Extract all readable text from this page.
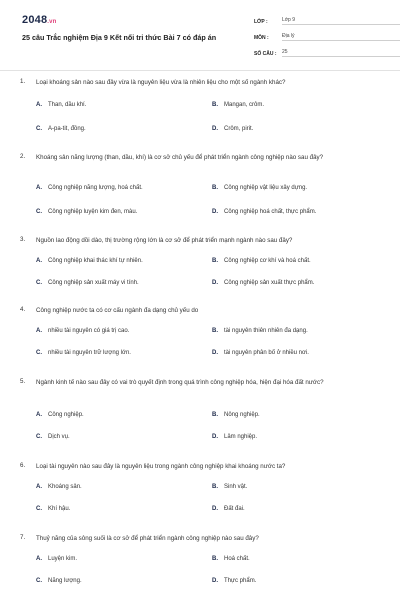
2048.vn
25 câu Trắc nghiệm Địa 9 Kết nối tri thức Bài 7 có đáp án
LỚP :	Lớp 9
MÔN :	Địa lý
SỐ CÂU :	25
1. Loại khoáng sản nào sau đây vừa là nguyên liệu vừa là nhiên liệu cho một số ngành khác?
A. Than, dầu khí.	B. Mangan, crôm.
C. A-pa-tit, đồng.	D. Crôm, pirit.
2. Khoáng sản năng lượng (than, dầu, khí) là cơ sở chủ yếu để phát triển ngành công nghiệp nào sau đây?
A. Công nghiệp năng lượng, hoá chất.	B. Công nghiệp vật liệu xây dựng.
C. Công nghiệp luyện kim đen, màu.	D. Công nghiệp hoá chất, thực phẩm.
3. Nguồn lao động dồi dào, thị trường rộng lớn là cơ sở để phát triển mạnh ngành nào sau đây?
A. Công nghiệp khai thác khí tự nhiên.	B. Công nghiệp cơ khí và hoá chất.
C. Công nghiệp sản xuất máy vi tính.	D. Công nghiệp sản xuất thực phẩm.
4. Công nghiệp nước ta có cơ cấu ngành đa dạng chủ yếu do
A. nhiều tài nguyên có giá trị cao.	B. tài nguyên thiên nhiên đa dạng.
C. nhiều tài nguyên trữ lượng lớn.	D. tài nguyên phân bố ở nhiều nơi.
5. Ngành kinh tế nào sau đây có vai trò quyết định trong quá trình công nghiệp hóa, hiện đại hóa đất nước?
A. Công nghiệp.	B. Nông nghiệp.
C. Dịch vụ.	D. Lâm nghiệp.
6. Loại tài nguyên nào sau đây là nguyên liệu trong ngành công nghiệp khai khoáng nước ta?
A. Khoáng sản.	B. Sinh vật.
C. Khí hậu.	D. Đất đai.
7. Thuỷ năng của sông suối là cơ sở để phát triển ngành công nghiệp nào sau đây?
A. Luyện kim.	B. Hoá chất.
C. Năng lượng.	D. Thực phẩm.
